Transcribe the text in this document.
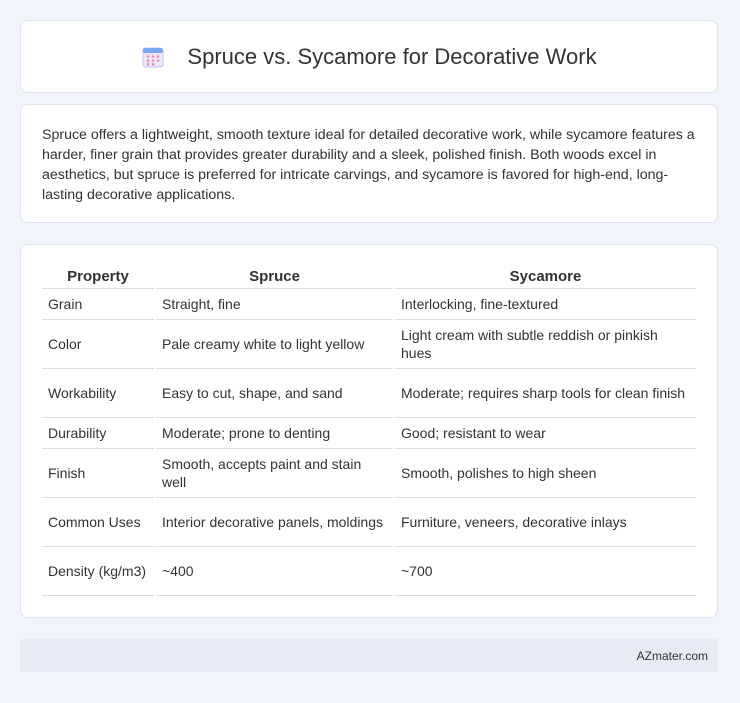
Spruce vs. Sycamore for Decorative Work

Spruce offers a lightweight, smooth texture ideal for detailed decorative work, while sycamore features a harder, finer grain that provides greater durability and a sleek, polished finish. Both woods excel in aesthetics, but spruce is preferred for intricate carvings, and sycamore is favored for high-end, long-lasting decorative applications.

Property	Spruce	Sycamore
Grain	Straight, fine	Interlocking, fine-textured
Color	Pale creamy white to light yellow	Light cream with subtle reddish or pinkish hues
Workability	Easy to cut, shape, and sand	Moderate; requires sharp tools for clean finish
Durability	Moderate; prone to denting	Good; resistant to wear
Finish	Smooth, accepts paint and stain well	Smooth, polishes to high sheen
Common Uses	Interior decorative panels, moldings	Furniture, veneers, decorative inlays
Density (kg/m3)	~400	~700
AZmater.com
